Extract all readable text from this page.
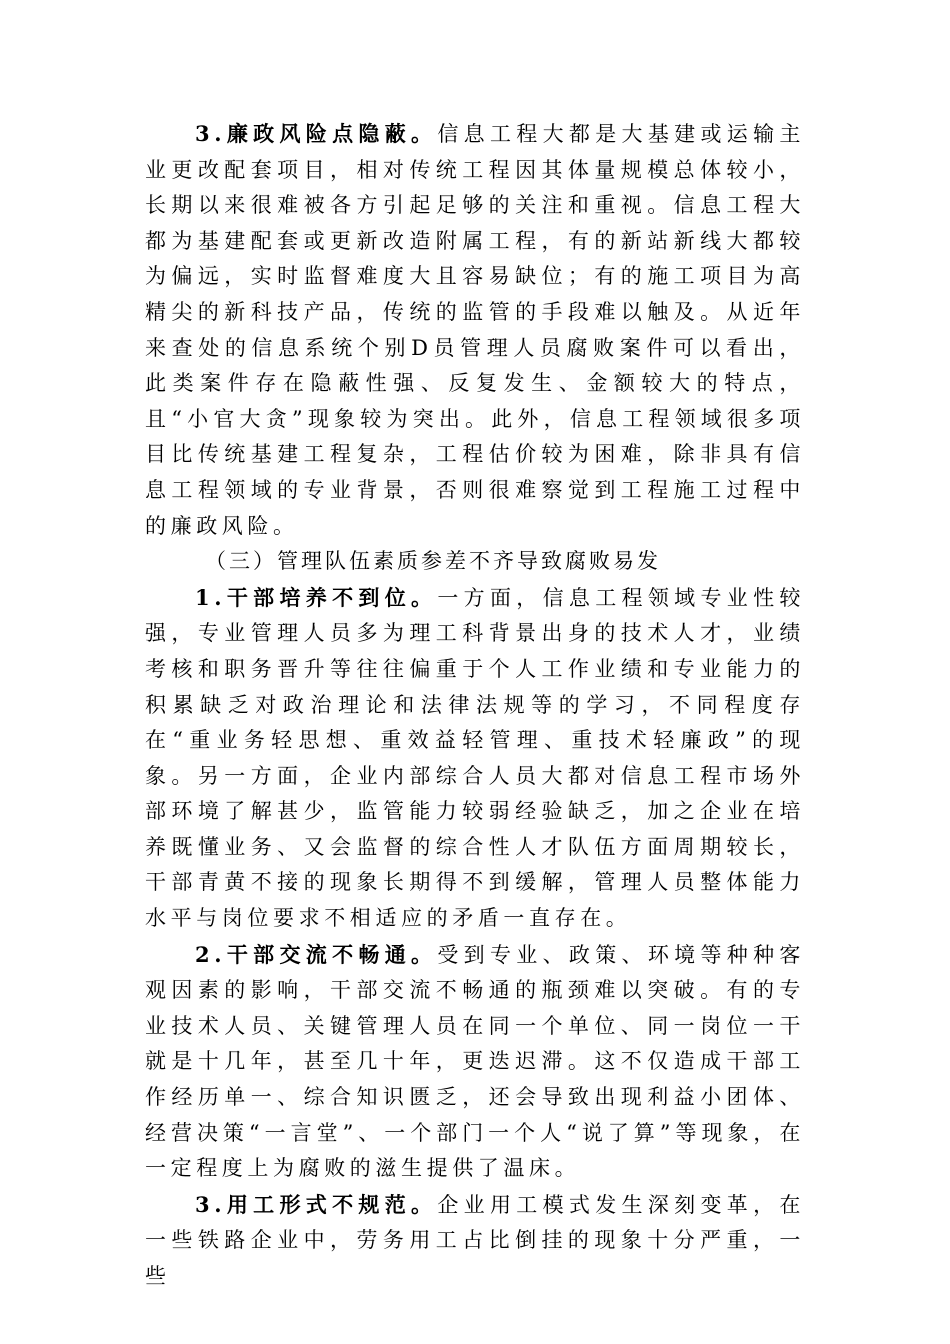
3.廉政风险点隐蔽。信息工程大都是大基建或运输主业更改配套项目，相对传统工程因其体量规模总体较小，长期以来很难被各方引起足够的关注和重视。信息工程大都为基建配套或更新改造附属工程，有的新站新线大都较为偏远，实时监督难度大且容易缺位；有的施工项目为高精尖的新科技产品，传统的监管的手段难以触及。从近年来查处的信息系统个别D员管理人员腐败案件可以看出，此类案件存在隐蔽性强、反复发生、金额较大的特点，且“小官大贪”现象较为突出。此外，信息工程领域很多项目比传统基建工程复杂，工程估价较为困难，除非具有信息工程领域的专业背景，否则很难察觉到工程施工过程中的廉政风险。

（三）管理队伍素质参差不齐导致腐败易发

1.干部培养不到位。一方面，信息工程领域专业性较强，专业管理人员多为理工科背景出身的技术人才，业绩考核和职务晋升等往往偏重于个人工作业绩和专业能力的积累缺乏对政治理论和法律法规等的学习，不同程度存在“重业务轻思想、重效益轻管理、重技术轻廉政”的现象。另一方面，企业内部综合人员大都对信息工程市场外部环境了解甚少，监管能力较弱经验缺乏，加之企业在培养既懂业务、又会监督的综合性人才队伍方面周期较长，干部青黄不接的现象长期得不到缓解，管理人员整体能力水平与岗位要求不相适应的矛盾一直存在。

2.干部交流不畅通。受到专业、政策、环境等种种客观因素的影响，干部交流不畅通的瓶颈难以突破。有的专业技术人员、关键管理人员在同一个单位、同一岗位一干就是十几年，甚至几十年，更迭迟滞。这不仅造成干部工作经历单一、综合知识匮乏，还会导致出现利益小团体、经营决策“一言堂”、一个部门一个人“说了算”等现象，在一定程度上为腐败的滋生提供了温床。

3.用工形式不规范。企业用工模式发生深刻变革，在一些铁路企业中，劳务用工占比倒挂的现象十分严重，一些
